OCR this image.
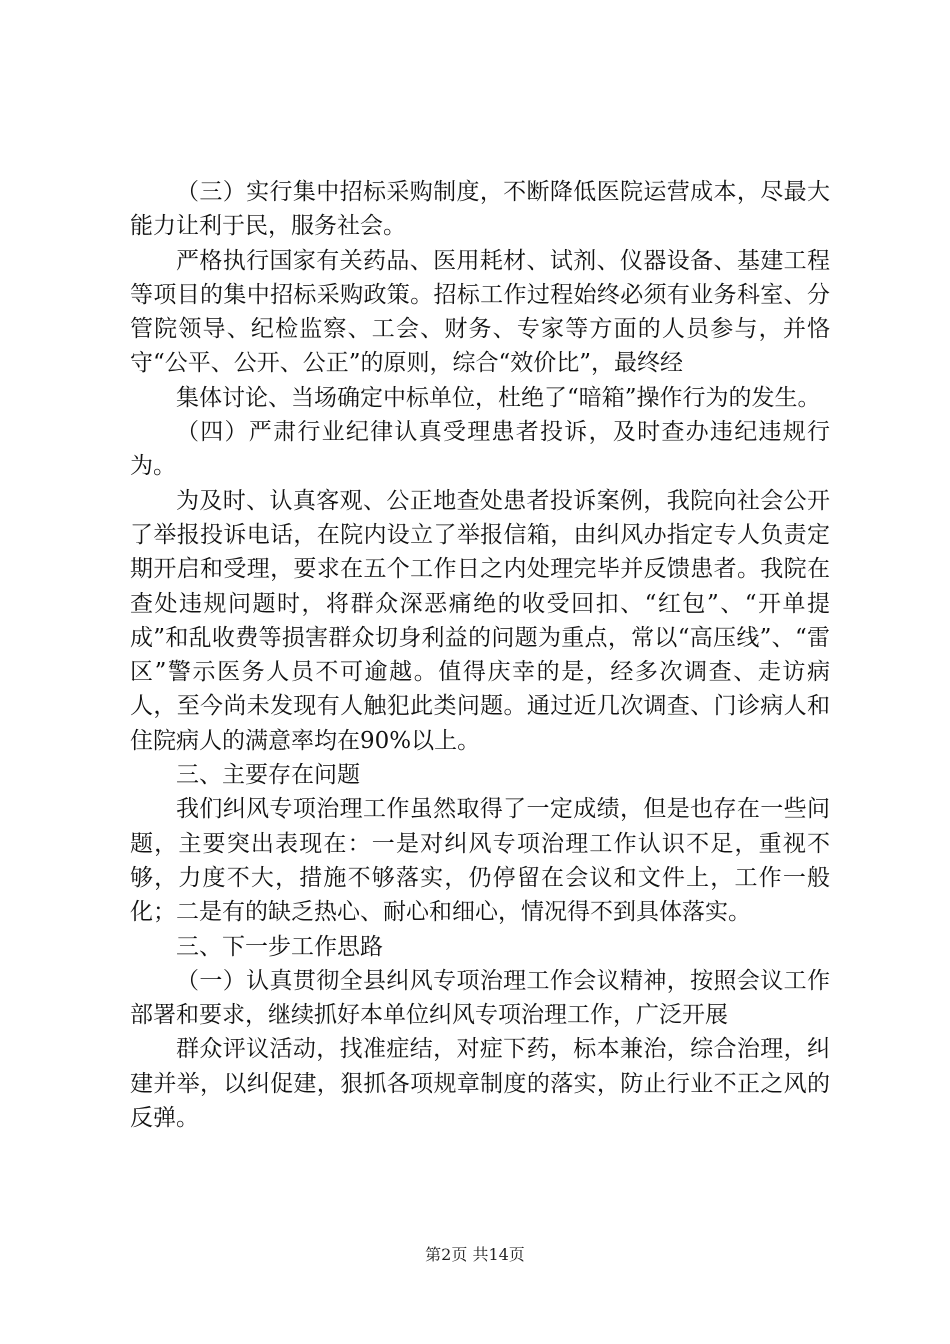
（三）实行集中招标采购制度，不断降低医院运营成本，尽最大能力让利于民，服务社会。

严格执行国家有关药品、医用耗材、试剂、仪器设备、基建工程等项目的集中招标采购政策。招标工作过程始终必须有业务科室、分管院领导、纪检监察、工会、财务、专家等方面的人员参与，并恪守“公平、公开、公正”的原则，综合“效价比”，最终经

集体讨论、当场确定中标单位，杜绝了“暗箱”操作行为的发生。

（四）严肃行业纪律认真受理患者投诉，及时查办违纪违规行为。

为及时、认真客观、公正地查处患者投诉案例，我院向社会公开了举报投诉电话，在院内设立了举报信箱，由纠风办指定专人负责定期开启和受理，要求在五个工作日之内处理完毕并反馈患者。我院在查处违规问题时，将群众深恶痛绝的收受回扣、“红包”、“开单提成”和乱收费等损害群众切身利益的问题为重点，常以“高压线”、“雷区”警示医务人员不可逾越。值得庆幸的是，经多次调查、走访病人，至今尚未发现有人触犯此类问题。通过近几次调查、门诊病人和住院病人的满意率均在90%以上。

三、主要存在问题

我们纠风专项治理工作虽然取得了一定成绩，但是也存在一些问题，主要突出表现在：一是对纠风专项治理工作认识不足，重视不够，力度不大，措施不够落实，仍停留在会议和文件上，工作一般化；二是有的缺乏热心、耐心和细心，情况得不到具体落实。

三、下一步工作思路

（一）认真贯彻全县纠风专项治理工作会议精神，按照会议工作部署和要求，继续抓好本单位纠风专项治理工作，广泛开展

群众评议活动，找准症结，对症下药，标本兼治，综合治理，纠建并举，以纠促建，狠抓各项规章制度的落实，防止行业不正之风的反弹。

第2页 共14页
